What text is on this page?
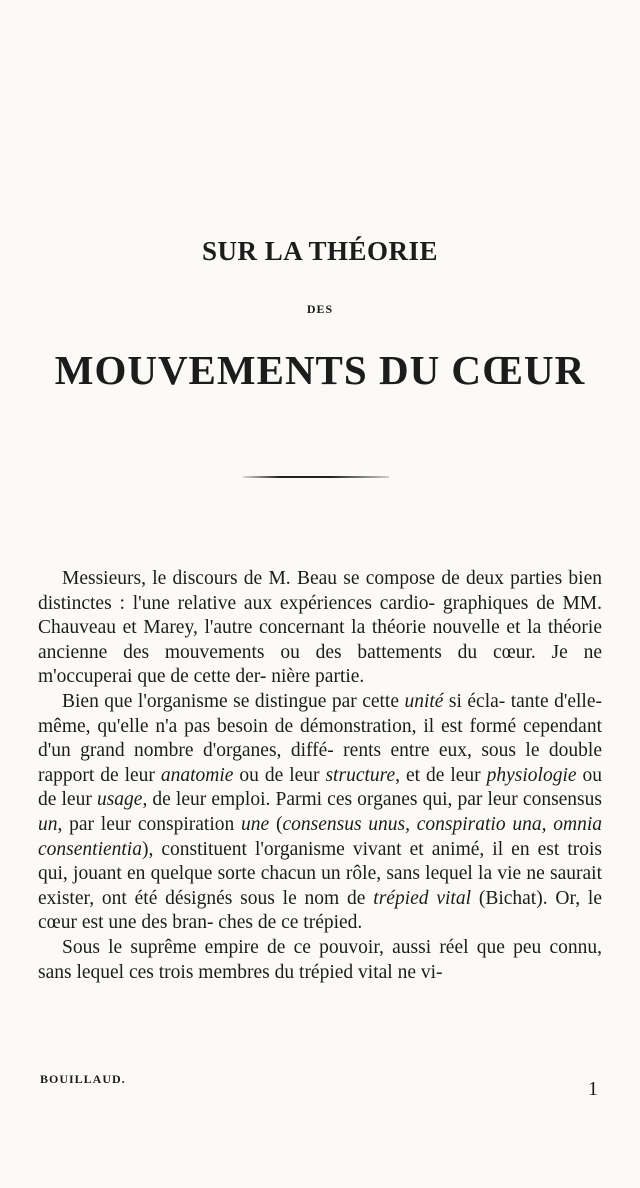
SUR LA THÉORIE
DES
MOUVEMENTS DU CŒUR

Messieurs, le discours de M. Beau se compose de deux parties bien distinctes : l'une relative aux expériences cardio- graphiques de MM. Chauveau et Marey, l'autre concernant la théorie nouvelle et la théorie ancienne des mouvements ou des battements du cœur. Je ne m'occuperai que de cette der- nière partie.

Bien que l'organisme se distingue par cette unité si écla- tante d'elle-même, qu'elle n'a pas besoin de démonstration, il est formé cependant d'un grand nombre d'organes, diffé- rents entre eux, sous le double rapport de leur anatomie ou de leur structure, et de leur physiologie ou de leur usage, de leur emploi. Parmi ces organes qui, par leur consensus un, par leur conspiration une (consensus unus, conspiratio una, omnia consentientia), constituent l'organisme vivant et animé, il en est trois qui, jouant en quelque sorte chacun un rôle, sans lequel la vie ne saurait exister, ont été désignés sous le nom de trépied vital (Bichat). Or, le cœur est une des bran- ches de ce trépied.

Sous le suprême empire de ce pouvoir, aussi réel que peu connu, sans lequel ces trois membres du trépied vital ne vi-

BOUILLAUD.	1
